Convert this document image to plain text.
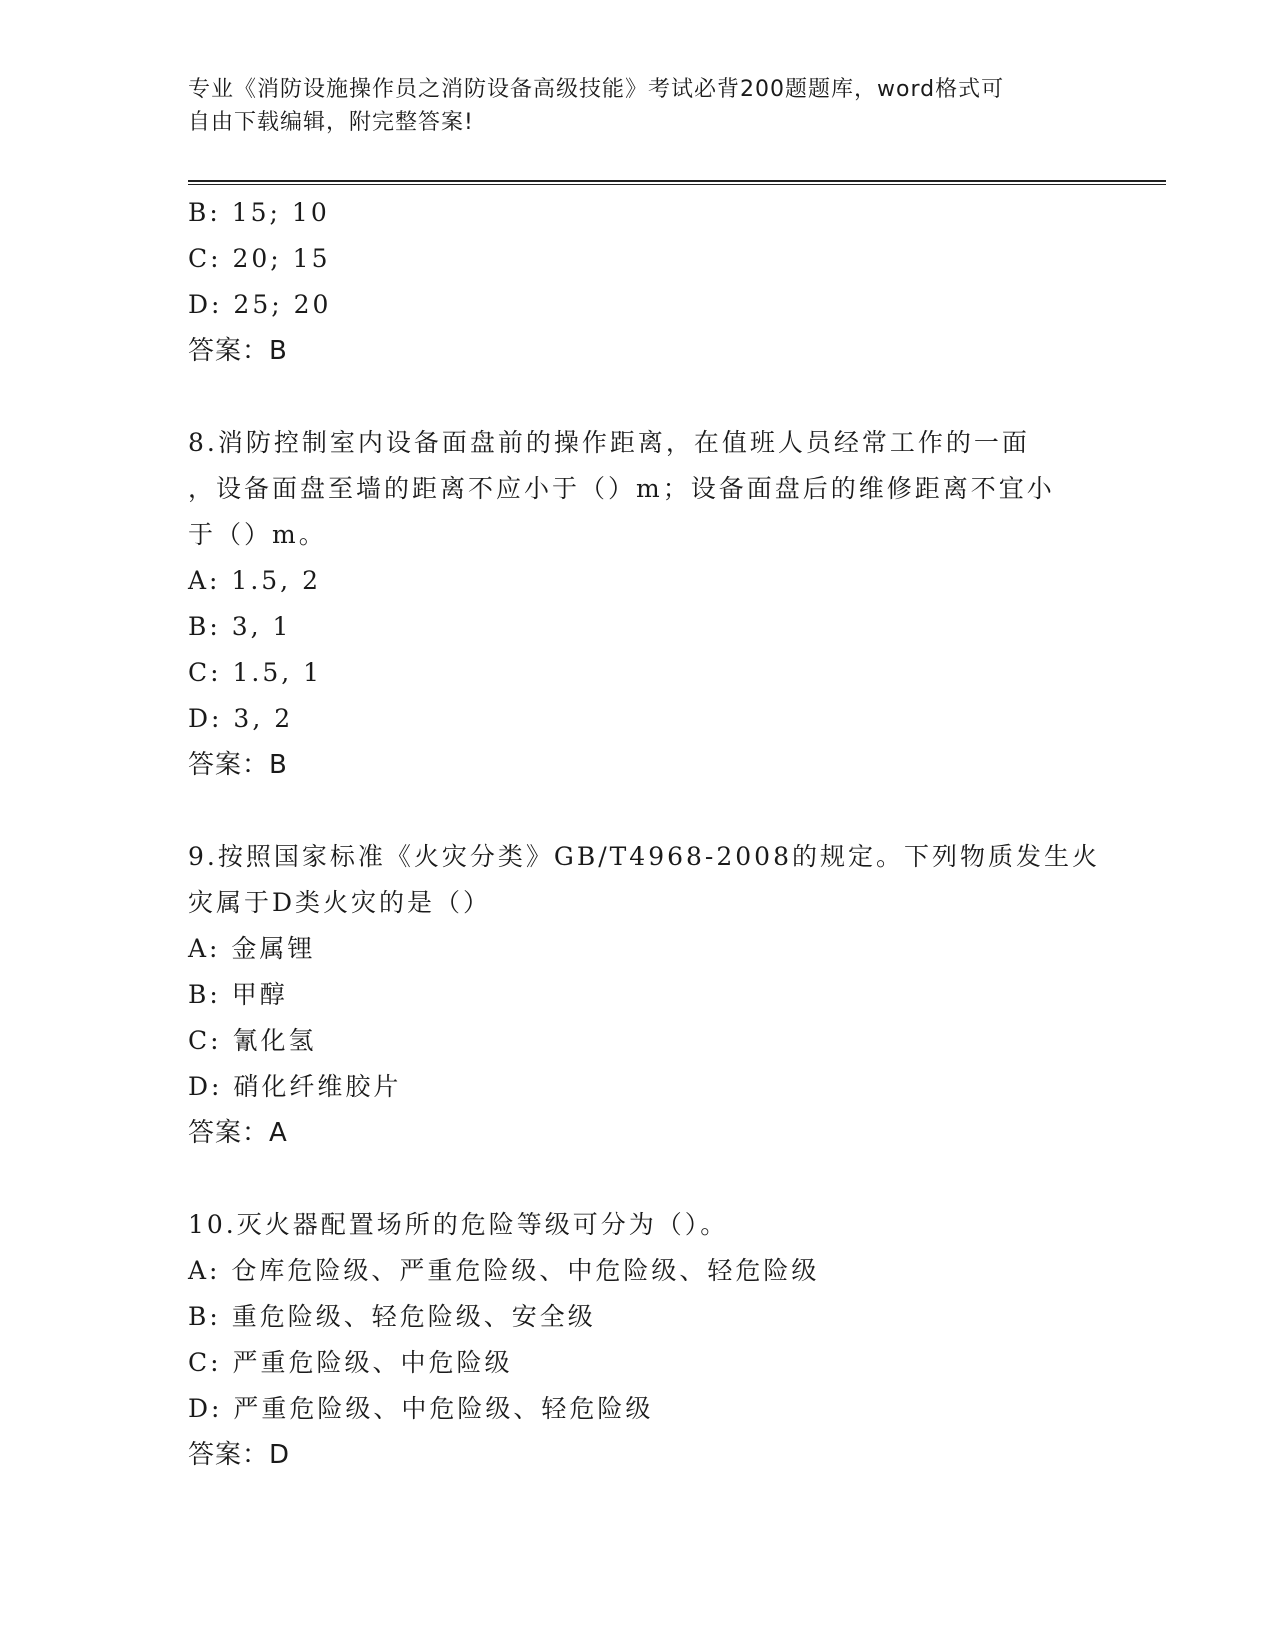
专业《消防设施操作员之消防设备高级技能》考试必背200题题库，word格式可
自由下载编辑，附完整答案!
B: 15; 10
C: 20; 15
D: 25; 20
答案：B
8.消防控制室内设备面盘前的操作距离，在值班人员经常工作的一面
，设备面盘至墙的距离不应小于（）m；设备面盘后的维修距离不宜小
于（）m。
A: 1.5, 2
B: 3, 1
C: 1.5, 1
D: 3, 2
答案：B
9.按照国家标准《火灾分类》GB/T4968-2008的规定。下列物质发生火
灾属于D类火灾的是（）
A: 金属锂
B: 甲醇
C: 氰化氢
D: 硝化纤维胶片
答案：A
10.灭火器配置场所的危险等级可分为（）。
A: 仓库危险级、严重危险级、中危险级、轻危险级
B: 重危险级、轻危险级、安全级
C: 严重危险级、中危险级
D: 严重危险级、中危险级、轻危险级
答案：D
